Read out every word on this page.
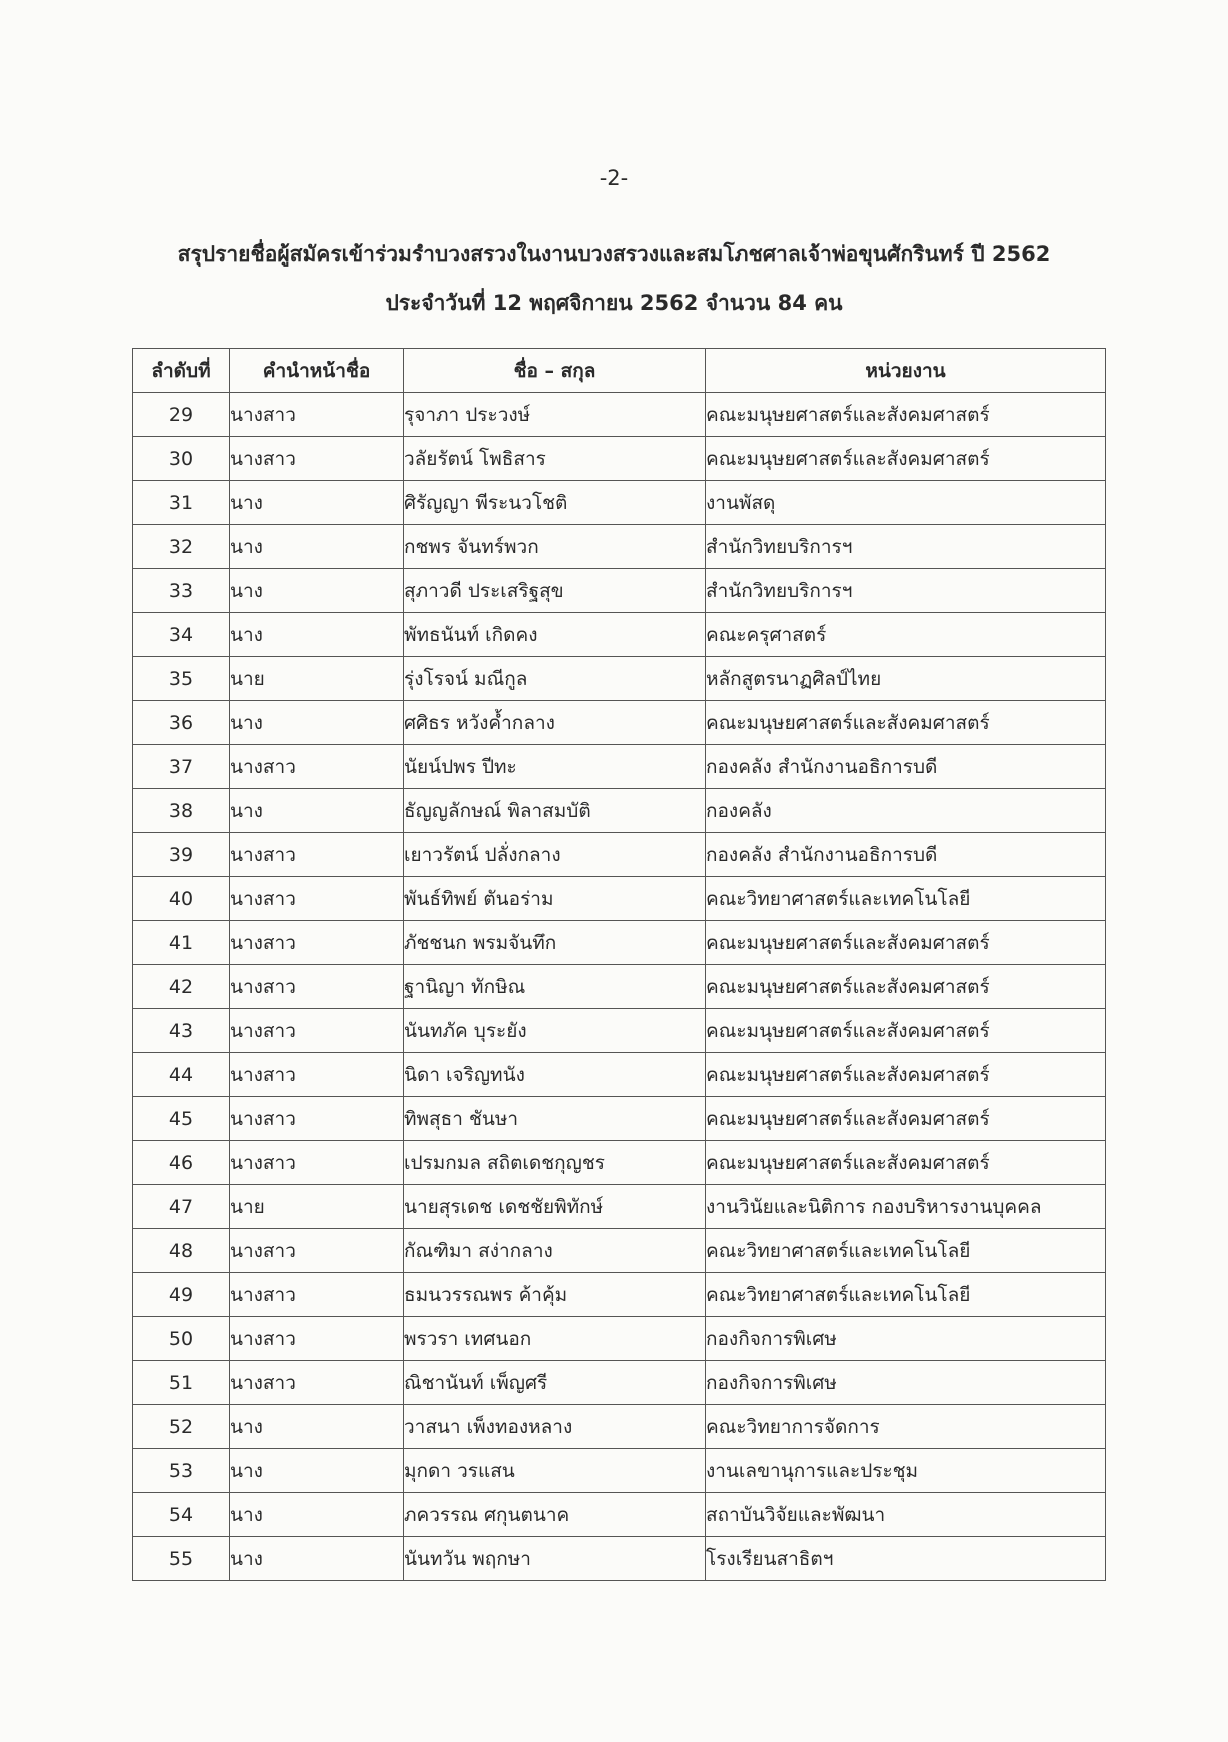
-2-
สรุปรายชื่อผู้สมัครเข้าร่วมรำบวงสรวงในงานบวงสรวงและสมโภชศาลเจ้าพ่อขุนศักรินทร์ ปี 2562
ประจำวันที่ 12 พฤศจิกายน 2562 จำนวน 84 คน
ลำดับที่	คำนำหน้าชื่อ	ชื่อ – สกุล	หน่วยงาน
29	นางสาว	รุจาภา ประวงษ์	คณะมนุษยศาสตร์และสังคมศาสตร์
30	นางสาว	วลัยรัตน์ โพธิสาร	คณะมนุษยศาสตร์และสังคมศาสตร์
31	นาง	ศิรัญญา พีระนวโชติ	งานพัสดุ
32	นาง	กชพร จันทร์พวก	สำนักวิทยบริการฯ
33	นาง	สุภาวดี ประเสริฐสุข	สำนักวิทยบริการฯ
34	นาง	พัทธนันท์ เกิดคง	คณะครุศาสตร์
35	นาย	รุ่งโรจน์ มณีกูล	หลักสูตรนาฏศิลป์ไทย
36	นาง	ศศิธร หวังค้ำกลาง	คณะมนุษยศาสตร์และสังคมศาสตร์
37	นางสาว	นัยน์ปพร ปีทะ	กองคลัง สำนักงานอธิการบดี
38	นาง	ธัญญลักษณ์ พิลาสมบัติ	กองคลัง
39	นางสาว	เยาวรัตน์ ปลั่งกลาง	กองคลัง สำนักงานอธิการบดี
40	นางสาว	พันธ์ทิพย์ ตันอร่าม	คณะวิทยาศาสตร์และเทคโนโลยี
41	นางสาว	ภัชชนก พรมจันทึก	คณะมนุษยศาสตร์และสังคมศาสตร์
42	นางสาว	ฐานิญา ทักษิณ	คณะมนุษยศาสตร์และสังคมศาสตร์
43	นางสาว	นันทภัค บุระยัง	คณะมนุษยศาสตร์และสังคมศาสตร์
44	นางสาว	นิดา เจริญทนัง	คณะมนุษยศาสตร์และสังคมศาสตร์
45	นางสาว	ทิพสุธา ชันษา	คณะมนุษยศาสตร์และสังคมศาสตร์
46	นางสาว	เปรมกมล สถิตเดชกุญชร	คณะมนุษยศาสตร์และสังคมศาสตร์
47	นาย	นายสุรเดช เดชชัยพิทักษ์	งานวินัยและนิติการ กองบริหารงานบุคคล
48	นางสาว	กัณฑิมา สง่ากลาง	คณะวิทยาศาสตร์และเทคโนโลยี
49	นางสาว	ธมนวรรณพร ค้าคุ้ม	คณะวิทยาศาสตร์และเทคโนโลยี
50	นางสาว	พรวรา เทศนอก	กองกิจการพิเศษ
51	นางสาว	ณิชานันท์ เพ็ญศรี	กองกิจการพิเศษ
52	นาง	วาสนา เพ็งทองหลาง	คณะวิทยาการจัดการ
53	นาง	มุกดา วรแสน	งานเลขานุการและประชุม
54	นาง	ภควรรณ ศกุนตนาค	สถาบันวิจัยและพัฒนา
55	นาง	นันทวัน พฤกษา	โรงเรียนสาธิตฯ
